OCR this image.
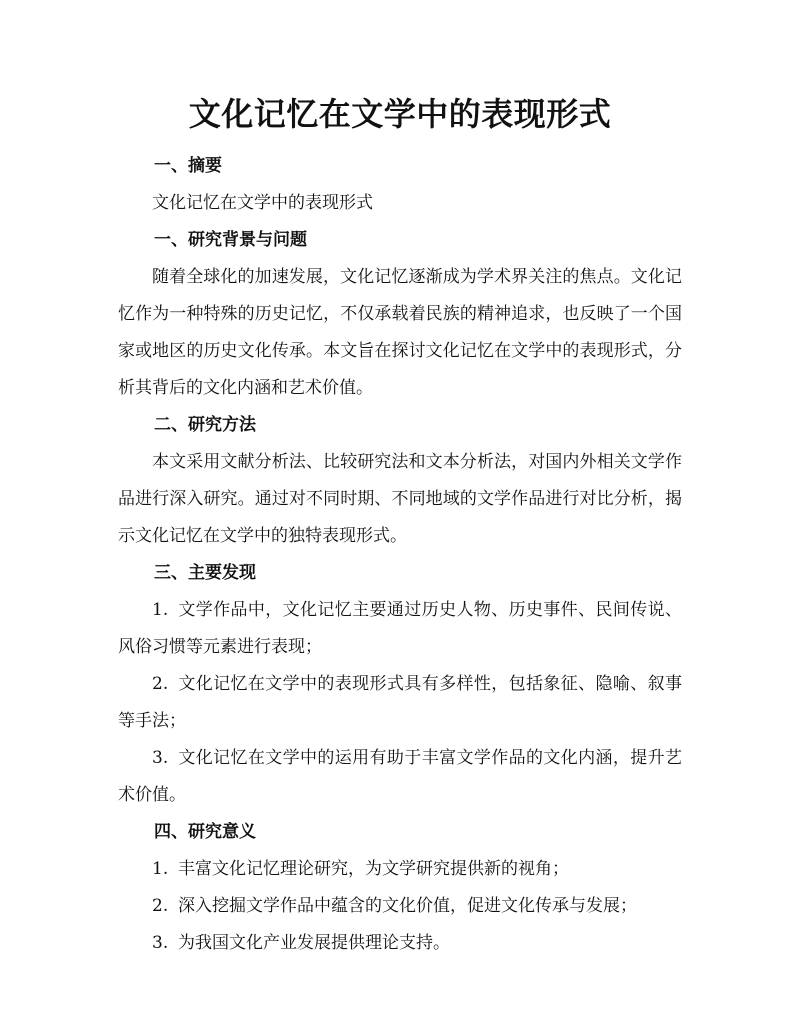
文化记忆在文学中的表现形式
一、摘要

文化记忆在文学中的表现形式

一、研究背景与问题

随着全球化的加速发展，文化记忆逐渐成为学术界关注的焦点。文化记忆作为一种特殊的历史记忆，不仅承载着民族的精神追求，也反映了一个国家或地区的历史文化传承。本文旨在探讨文化记忆在文学中的表现形式，分析其背后的文化内涵和艺术价值。

二、研究方法

本文采用文献分析法、比较研究法和文本分析法，对国内外相关文学作品进行深入研究。通过对不同时期、不同地域的文学作品进行对比分析，揭示文化记忆在文学中的独特表现形式。

三、主要发现

1. 文学作品中，文化记忆主要通过历史人物、历史事件、民间传说、风俗习惯等元素进行表现；

2. 文化记忆在文学中的表现形式具有多样性，包括象征、隐喻、叙事等手法；

3. 文化记忆在文学中的运用有助于丰富文学作品的文化内涵，提升艺术价值。

四、研究意义

1. 丰富文化记忆理论研究，为文学研究提供新的视角；

2. 深入挖掘文学作品中蕴含的文化价值，促进文化传承与发展；

3. 为我国文化产业发展提供理论支持。
